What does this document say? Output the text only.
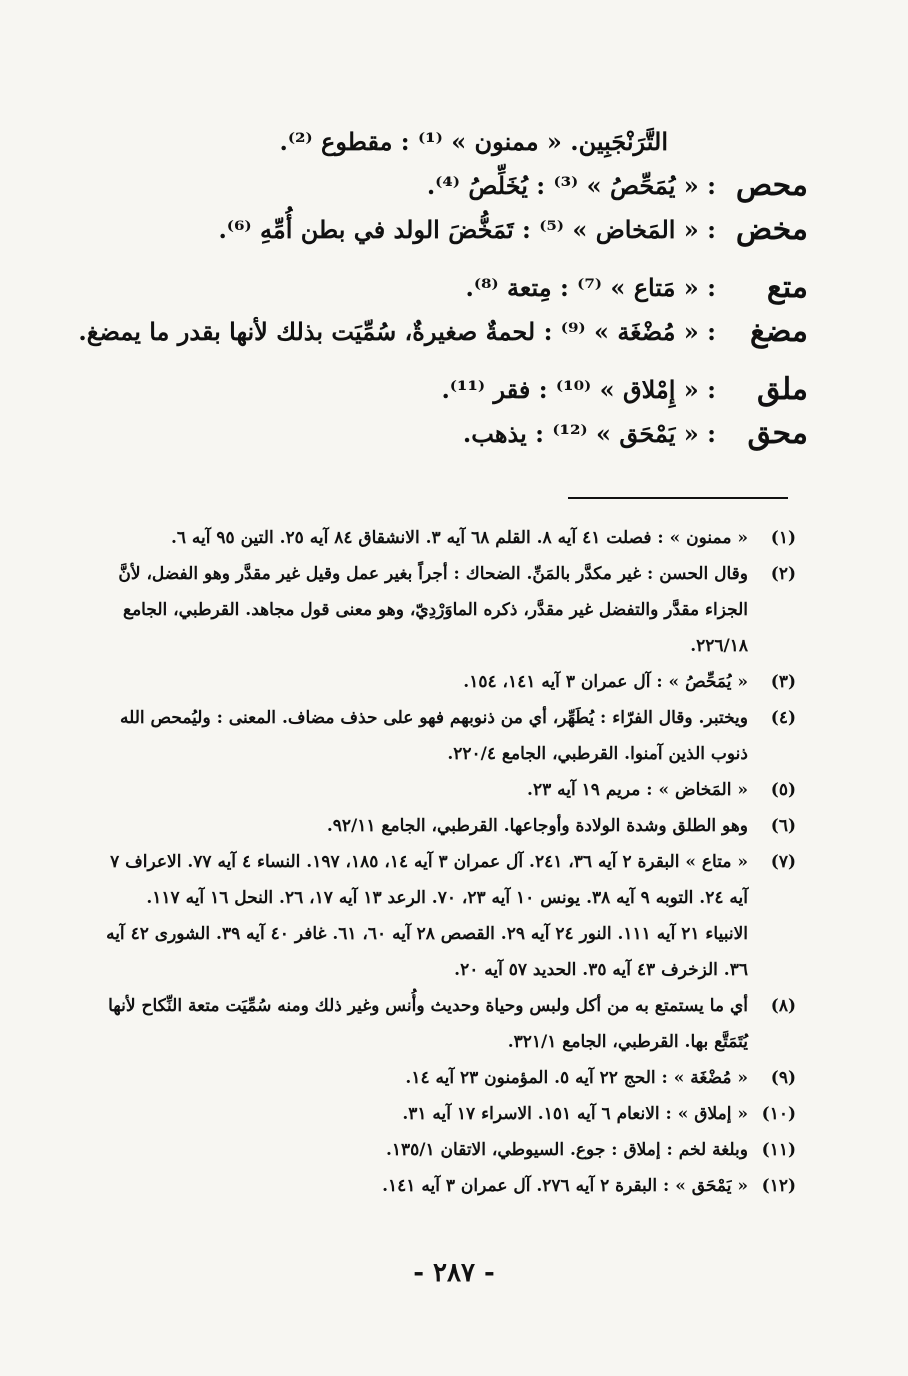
التَّرَنْجَبِين. « ممنون » ⁽¹⁾ : مقطوع ⁽²⁾.
محص
: « يُمَحِّصُ » ⁽³⁾ : يُخَلِّصُ ⁽⁴⁾.
مخض
: « المَخاض » ⁽⁵⁾ : تَمَخُّضَ الولد في بطن أُمِّهِ ⁽⁶⁾.
متع
: « مَتاع » ⁽⁷⁾ : مِتعة ⁽⁸⁾.
مضغ
: « مُضْغَة » ⁽⁹⁾ : لحمةٌ صغيرةٌ، سُمِّيَت بذلك لأنها بقدر ما يمضغ.
ملق
: « إِمْلاق » ⁽¹⁰⁾ : فقر ⁽¹¹⁾.
محق
: « يَمْحَق » ⁽¹²⁾ : يذهب.
(١)
« ممنون » : فصلت ٤١ آيه ٨. القلم ٦٨ آيه ٣. الانشقاق ٨٤ آيه ٢٥. التين ٩٥ آيه ٦.
(٢)
وقال الحسن : غير مكدَّر بالمَنِّ. الضحاك : أجراً بغير عمل وقيل غير مقدَّر وهو الفضل، لأنَّ الجزاء مقدَّر والتفضل غير مقدَّر، ذكره الماوَرْدِيّ، وهو معنى قول مجاهد. القرطبي، الجامع ٢٢٦/١٨.
(٣)
« يُمَحِّصُ » : آل عمران ٣ آيه ١٤١، ١٥٤.
(٤)
ويختبر. وقال الفرّاء : يُطَهِّر، أي من ذنوبهم فهو على حذف مضاف. المعنى : وليُمحص الله ذنوب الذين آمنوا. القرطبي، الجامع ٢٢٠/٤.
(٥)
« المَخاض » : مريم ١٩ آيه ٢٣.
(٦)
وهو الطلق وشدة الولادة وأوجاعها. القرطبي، الجامع ٩٢/١١.
(٧)
« متاع » البقرة ٢ آيه ٣٦، ٢٤١. آل عمران ٣ آيه ١٤، ١٨٥، ١٩٧. النساء ٤ آيه ٧٧. الاعراف ٧ آيه ٢٤. التوبه ٩ آيه ٣٨. يونس ١٠ آيه ٢٣، ٧٠. الرعد ١٣ آيه ١٧، ٢٦. النحل ١٦ آيه ١١٧. الانبياء ٢١ آيه ١١١. النور ٢٤ آيه ٢٩. القصص ٢٨ آيه ٦٠، ٦١. غافر ٤٠ آيه ٣٩. الشورى ٤٢ آيه ٣٦. الزخرف ٤٣ آيه ٣٥. الحديد ٥٧ آيه ٢٠.
(٨)
أي ما يستمتع به من أكل ولبس وحياة وحديث وأُنس وغير ذلك ومنه سُمِّيَت متعة النِّكاح لأنها يُتَمَتَّع بها. القرطبي، الجامع ٣٢١/١.
(٩)
« مُضْغَة » : الحج ٢٢ آيه ٥. المؤمنون ٢٣ آيه ١٤.
(١٠)
« إملاق » : الانعام ٦ آيه ١٥١. الاسراء ١٧ آيه ٣١.
(١١)
وبلغة لخم : إملاق : جوع. السيوطي، الاتقان ١٣٥/١.
(١٢)
« يَمْحَق » : البقرة ٢ آيه ٢٧٦. آل عمران ٣ آيه ١٤١.
- ٢٨٧ -
